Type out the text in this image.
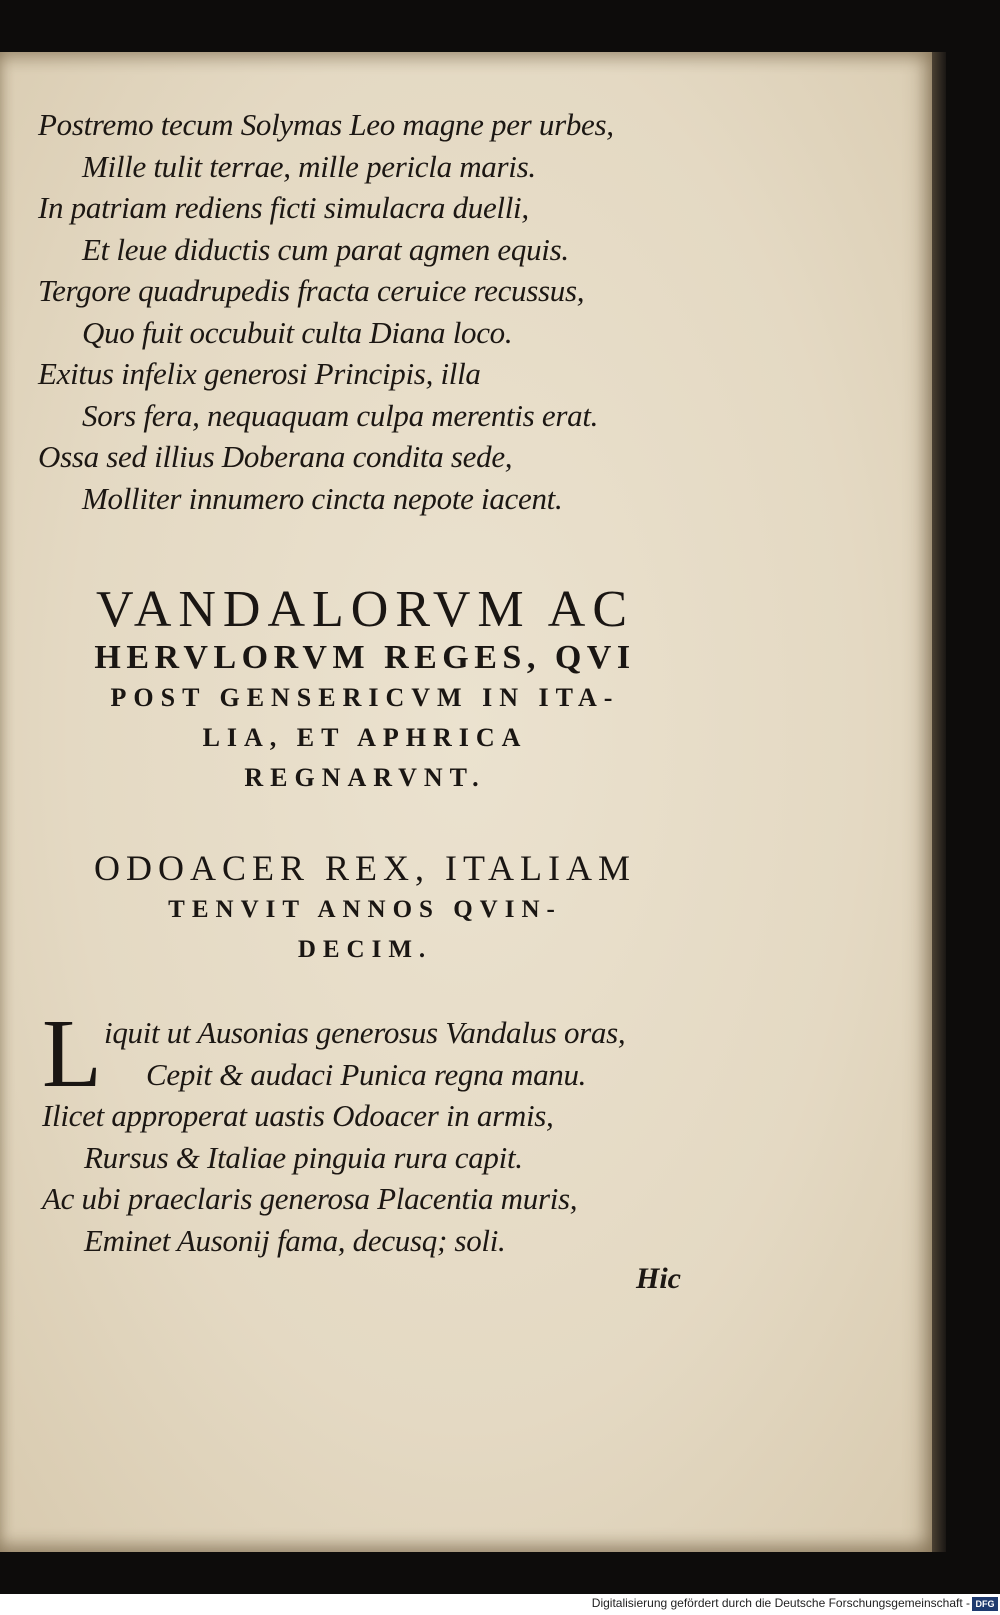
Postremo tecum Solymas Leo magne per urbes,
Mille tulit terrae, mille pericla maris.
In patriam rediens ficti simulacra duelli,
Et leue diductis cum parat agmen equis.
Tergore quadrupedis fracta ceruice recussus,
Quo fuit occubuit culta Diana loco.
Exitus infelix generosi Principis, illa
Sors fera, nequaquam culpa merentis erat.
Ossa sed illius Doberana condita sede,
Molliter innumero cincta nepote iacent.
VANDALORVM AC
HERVLORVM REGES, QVI
POST GENSERICVM IN ITA-
LIA, ET APHRICA
REGNARVNT.
ODOACER REX, ITALIAM
TENVIT ANNOS QVIN-
DECIM.
L iquit ut Ausonias generosus Vandalus oras,
Cepit & audaci Punica regna manu.
Ilicet approperat uastis Odoacer in armis,
Rursus & Italiae pinguia rura capit.
Ac ubi praeclaris generosa Placentia muris,
Eminet Ausonij fama, decusq; soli.
Hic
Digitalisierung gefördert durch die Deutsche Forschungsgemeinschaft - DFG
